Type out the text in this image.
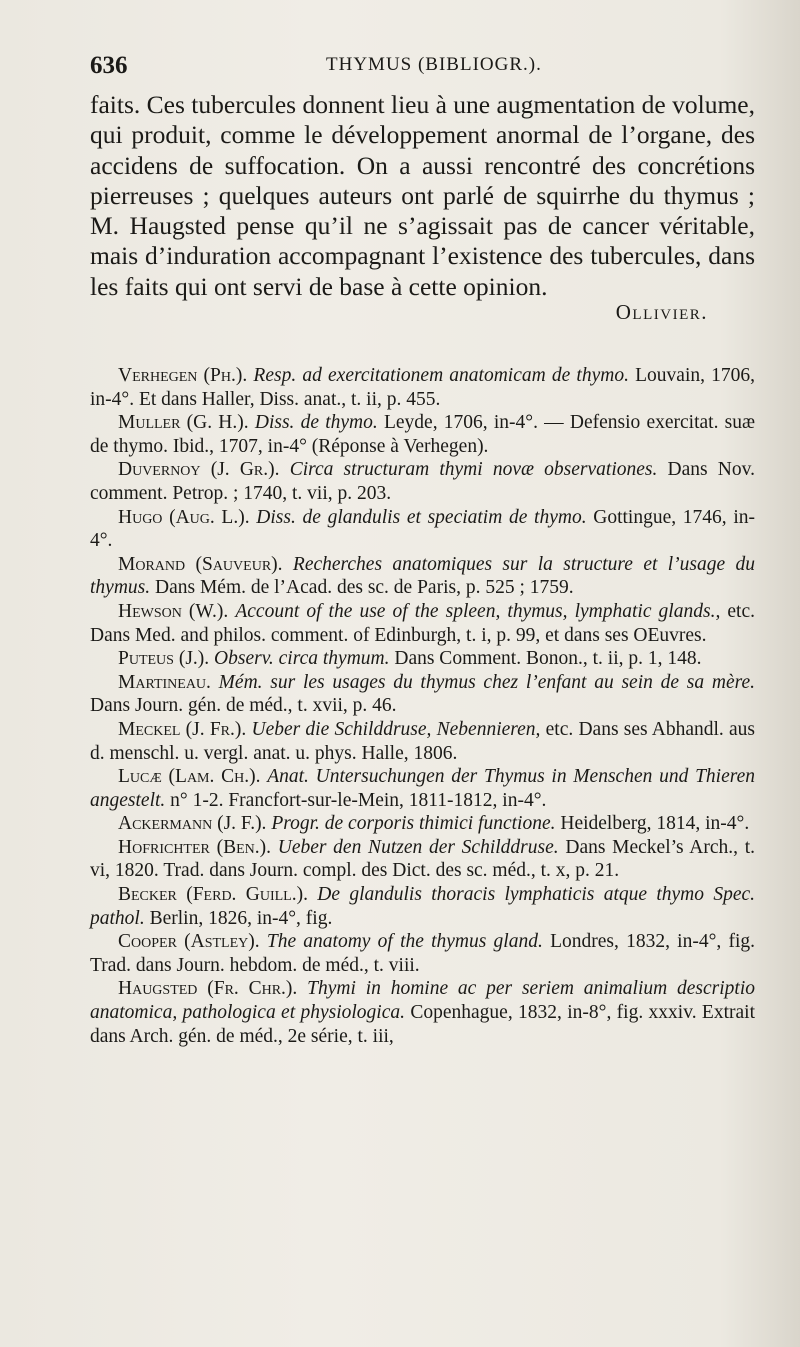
636	THYMUS (BIBLIOGR.).

faits. Ces tubercules donnent lieu à une augmentation de volume, qui produit, comme le développement anormal de l’organe, des accidens de suffocation. On a aussi rencontré des concrétions pierreuses ; quelques auteurs ont parlé de squirrhe du thymus ; M. Haugsted pense qu’il ne s’agissait pas de cancer véritable, mais d’induration accompagnant l’existence des tubercules, dans les faits qui ont servi de base à cette opinion.

Ollivier.

Verhegen (Ph.). Resp. ad exercitationem anatomicam de thymo. Louvain, 1706, in-4°. Et dans Haller, Diss. anat., t. ii, p. 455.

Muller (G. H.). Diss. de thymo. Leyde, 1706, in-4°. — Defensio exercitat. suæ de thymo. Ibid., 1707, in-4° (Réponse à Verhegen).

Duvernoy (J. Gr.). Circa structuram thymi novæ observationes. Dans Nov. comment. Petrop. ; 1740, t. vii, p. 203.

Hugo (Aug. L.). Diss. de glandulis et speciatim de thymo. Gottingue, 1746, in-4°.

Morand (Sauveur). Recherches anatomiques sur la structure et l’usage du thymus. Dans Mém. de l’Acad. des sc. de Paris, p. 525 ; 1759.

Hewson (W.). Account of the use of the spleen, thymus, lymphatic glands., etc. Dans Med. and philos. comment. of Edinburgh, t. i, p. 99, et dans ses OEuvres.

Puteus (J.). Observ. circa thymum. Dans Comment. Bonon., t. ii, p. 1, 148.

Martineau. Mém. sur les usages du thymus chez l’enfant au sein de sa mère. Dans Journ. gén. de méd., t. xvii, p. 46.

Meckel (J. Fr.). Ueber die Schilddruse, Nebennieren, etc. Dans ses Abhandl. aus d. menschl. u. vergl. anat. u. phys. Halle, 1806.

Lucæ (Lam. Ch.). Anat. Untersuchungen der Thymus in Menschen und Thieren angestelt. n° 1-2. Francfort-sur-le-Mein, 1811-1812, in-4°.

Ackermann (J. F.). Progr. de corporis thimici functione. Heidelberg, 1814, in-4°.

Hofrichter (Ben.). Ueber den Nutzen der Schilddruse. Dans Meckel’s Arch., t. vi, 1820. Trad. dans Journ. compl. des Dict. des sc. méd., t. x, p. 21.

Becker (Ferd. Guill.). De glandulis thoracis lymphaticis atque thymo Spec. pathol. Berlin, 1826, in-4°, fig.

Cooper (Astley). The anatomy of the thymus gland. Londres, 1832, in-4°, fig. Trad. dans Journ. hebdom. de méd., t. viii.

Haugsted (Fr. Chr.). Thymi in homine ac per seriem animalium descriptio anatomica, pathologica et physiologica. Copenhague, 1832, in-8°, fig. xxxiv. Extrait dans Arch. gén. de méd., 2e série, t. iii,
